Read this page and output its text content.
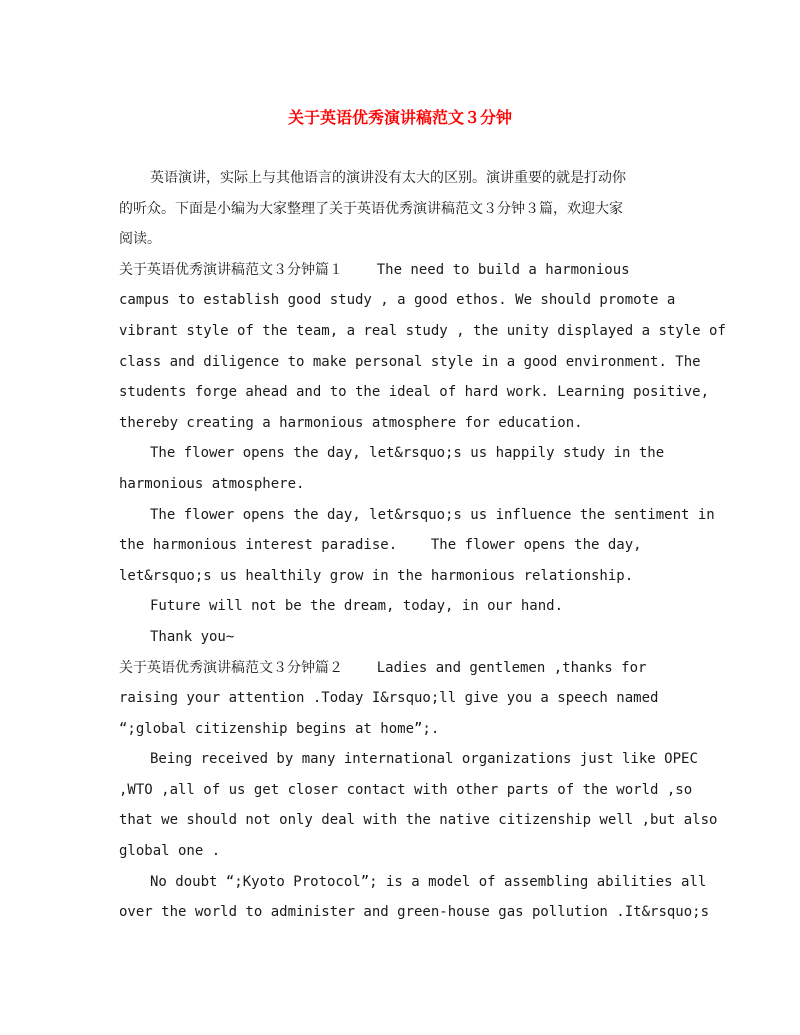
关于英语优秀演讲稿范文３分钟
英语演讲，实际上与其他语言的演讲没有太大的区别。演讲重要的就是打动你
的听众。下面是小编为大家整理了关于英语优秀演讲稿范文３分钟３篇，欢迎大家
阅读。
关于英语优秀演讲稿范文３分钟篇１    The need to build a harmonious
campus to establish good study , a good ethos. We should promote a
vibrant style of the team, a real study , the unity displayed a style of
class and diligence to make personal style in a good environment. The
students forge ahead and to the ideal of hard work. Learning positive,
thereby creating a harmonious atmosphere for education.
The flower opens the day, let&rsquo;s us happily study in the
harmonious atmosphere.
The flower opens the day, let&rsquo;s us influence the sentiment in
the harmonious interest paradise.    The flower opens the day,
let&rsquo;s us healthily grow in the harmonious relationship.
Future will not be the dream, today, in our hand.
Thank you~
关于英语优秀演讲稿范文３分钟篇２    Ladies and gentlemen ,thanks for
raising your attention .Today I&rsquo;ll give you a speech named
“;global citizenship begins at home”;.
Being received by many international organizations just like OPEC
,WTO ,all of us get closer contact with other parts of the world ,so
that we should not only deal with the native citizenship well ,but also
global one .
No doubt “;Kyoto Protocol”; is a model of assembling abilities all
over the world to administer and green-house gas pollution .It&rsquo;s
